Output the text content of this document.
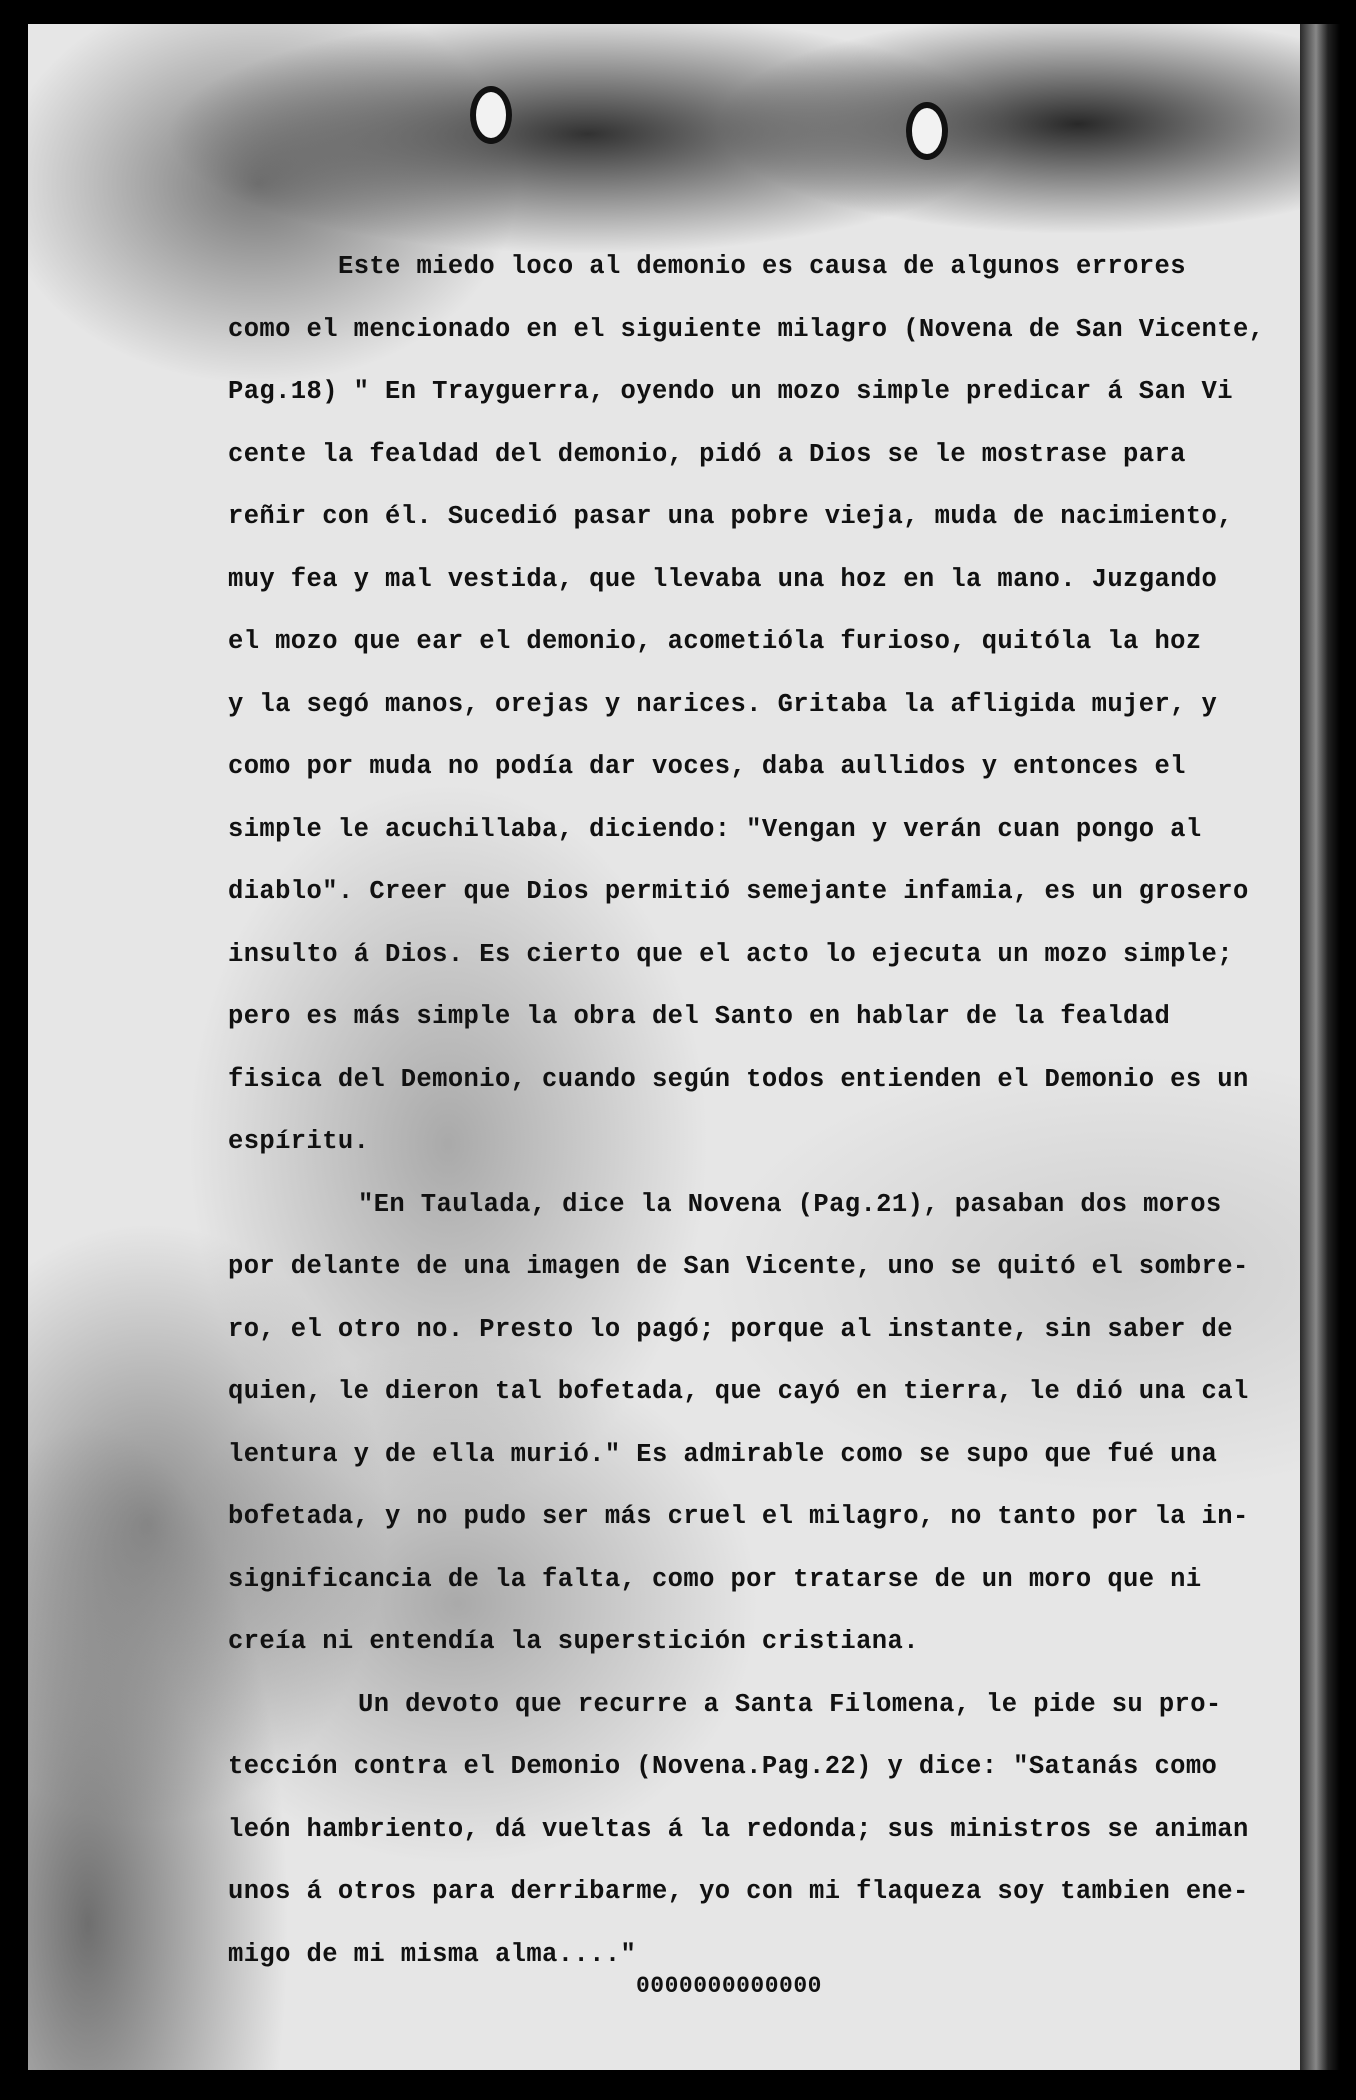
Este miedo loco al demonio es causa de algunos errores
como el mencionado en el siguiente milagro (Novena de San Vicente,
Pag.18) " En Trayguerra, oyendo un mozo simple predicar á San Vi
cente la fealdad del demonio, pidó a Dios se le mostrase para
reñir con él. Sucedió pasar una pobre vieja, muda de nacimiento,
muy fea y mal vestida, que llevaba una hoz en la mano. Juzgando
el mozo que ear el demonio, acometióla furioso, quitóla la hoz
y la segó manos, orejas y narices. Gritaba la afligida mujer, y
como por muda no podía dar voces, daba aullidos y entonces el
simple le acuchillaba, diciendo: "Vengan y verán cuan pongo al
diablo". Creer que Dios permitió semejante infamia, es un grosero
insulto á Dios. Es cierto que el acto lo ejecuta un mozo simple;
pero es más simple la obra del Santo en hablar de la fealdad
fisica del Demonio, cuando según todos entienden el Demonio es un
espíritu.
"En Taulada, dice la Novena (Pag.21), pasaban dos moros
por delante de una imagen de San Vicente, uno se quitó el sombre-
ro, el otro no. Presto lo pagó; porque al instante, sin saber de
quien, le dieron tal bofetada, que cayó en tierra, le dió una cal
lentura y de ella murió." Es admirable como se supo que fué una
bofetada, y no pudo ser más cruel el milagro, no tanto por la in-
significancia de la falta, como por tratarse de un moro que ni
creía ni entendía la superstición cristiana.
Un devoto que recurre a Santa Filomena, le pide su pro-
tección contra el Demonio (Novena.Pag.22) y dice: "Satanás como
león hambriento, dá vueltas á la redonda; sus ministros se animan
unos á otros para derribarme, yo con mi flaqueza soy tambien ene-
migo de mi misma alma...."
0000000000000
